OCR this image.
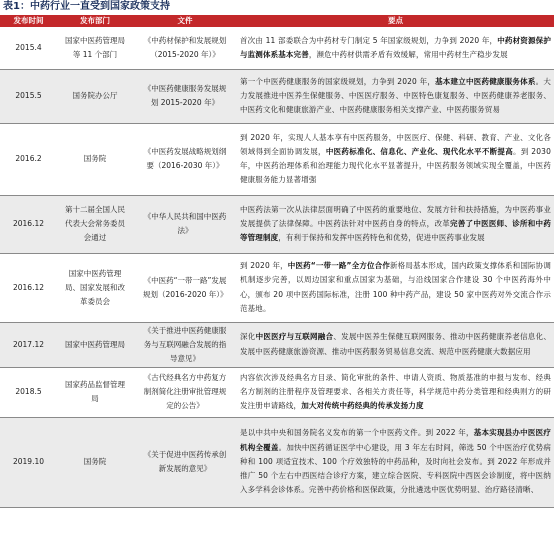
表1：中药行业一直受到国家政策支持
发布时间	发布部门	文件	要点
2015.4	国家中医药管理局等 11 个部门	《中药材保护和发展规划（2015-2020 年）》	首次由 11 部委联合为中药材专门制定 5 年国家级规划，力争到 2020 年，中药材资源保护与监测体系基本完善，濒危中药材供需矛盾有效缓解，常用中药材生产稳步发展
2015.5	国务院办公厅	《中医药健康服务发展规划 2015-2020 年》	第一个中医药健康服务的国家级规划，力争到 2020 年，基本建立中医药健康服务体系。大力发展推进中医养生保健服务、中医医疗服务、中医特色康复服务、中医药健康养老服务、中医药文化和健康旅游产业、中医药健康服务相关支撑产业、中医药服务贸易
2016.2	国务院	《中医药发展战略规划纲要（2016-2030 年）》	到 2020 年，实现人人基本享有中医药服务，中医医疗、保健、科研、教育、产业、文化各领域得到全面协调发展，中医药标准化、信息化、产业化、现代化水平不断提高。到 2030 年，中医药治理体系和治理能力现代化水平显著提升，中医药服务领域实现全覆盖，中医药健康服务能力显著增强
2016.12	第十二届全国人民代表大会常务委员会通过	《中华人民共和国中医药法》	中医药法第一次从法律层面明确了中医药的重要地位、发展方针和扶持措施，为中医药事业发展提供了法律保障。中医药法针对中医药自身的特点，改革完善了中医医师、诊所和中药等管理制度，有利于保持和发挥中医药特色和优势，促进中医药事业发展
2016.12	国家中医药管理局、国家发展和改革委员会	《中医药“一带一路”发展规划（2016-2020 年）》	到 2020 年，中医药“一带一路”全方位合作新格局基本形成，国内政策支撑体系和国际协调机制逐步完善，以周边国家和重点国家为基础，与沿线国家合作建设 30 个中医药海外中心，颁布 20 项中医药国际标准，注册 100 种中药产品，建设 50 家中医药对外交流合作示范基地。
2017.12	国家中医药管理局	《关于推进中医药健康服务与互联网融合发展的指导意见》	深化中医医疗与互联网融合、发展中医养生保健互联网服务、推动中医药健康养老信息化、发展中医药健康旅游资源、推动中医药服务贸易信息交流、规范中医药健康大数据应用
2018.5	国家药品监督管理局	《古代经典名方中药复方制剂简化注册审批管理规定的公告》	内容依次涉及经典名方目录、简化审批的条件、申请人资质、物质基准的申报与发布、经典名方制剂的注册程序及管理要求、各相关方责任等，科学规范中药分类管理和经典则方的研发注册申请路线，加大对传统中药经典的传承发扬力度
2019.10	国务院	《关于促进中医药传承创新发展的意见》	是以中共中央和国务院名义发布的第一个中医药文件。到 2022 年，基本实现县办中医医疗机构全覆盖。加快中医药循证医学中心建设，用 3 年左右时间，筛选 50 个中医治疗优势病种和 100 项适宜技术、100 个疗效独特的中药品种，及时向社会发布。到 2022 年形成并推广 50 个左右中西医结合诊疗方案，建立综合医院、专科医院中西医会诊制度，将中医纳入多学科会诊体系。完善中药价格和医保政策，分批遴选中医优势明显、治疗路径清晰、
